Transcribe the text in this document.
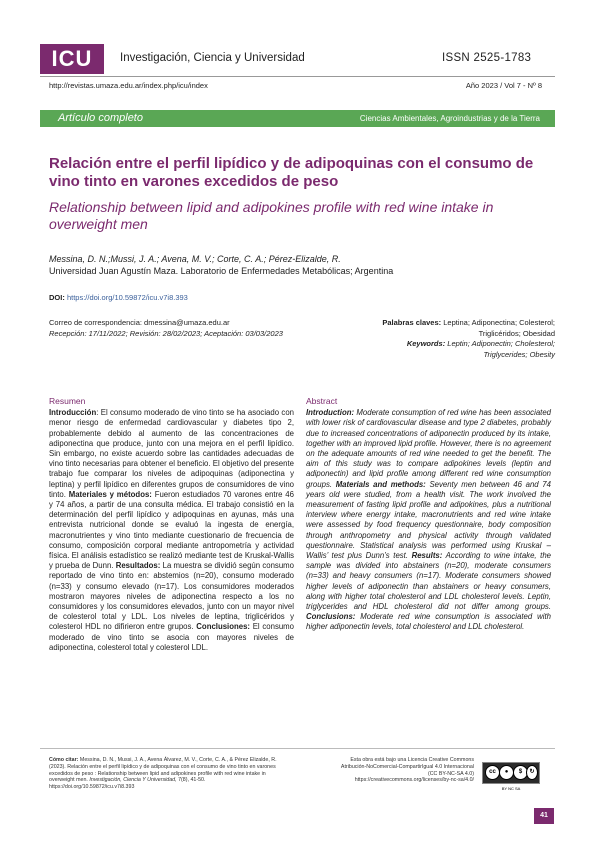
ICU	Investigación, Ciencia y Universidad	ISSN 2525-1783
http://revistas.umaza.edu.ar/index.php/icu/index	Año 2023 / Vol 7 - Nº 8
Artículo completo	Ciencias Ambientales, Agroindustrias y de la Tierra
Relación entre el perfil lipídico y de adipoquinas con el consumo de vino tinto en varones excedidos de peso
Relationship between lipid and adipokines profile with red wine intake in overweight men
Messina, D. N.;Mussi, J. A.; Avena, M. V.; Corte, C. A.; Pérez-Elizalde, R.
Universidad Juan Agustín Maza. Laboratorio de Enfermedades Metabólicas; Argentina
DOI: https://doi.org/10.59872/icu.v7i8.393
Correo de correspondencia: dmessina@umaza.edu.ar
Recepción: 17/11/2022; Revisión: 28/02/2023; Aceptación: 03/03/2023
Palabras claves: Leptina; Adiponectina; Colesterol;
Triglicéridos; Obesidad
Keywords: Leptin; Adiponectin; Cholesterol;
Triglycerides; Obesity
Resumen
Introducción: El consumo moderado de vino tinto se ha asociado con menor riesgo de enfermedad cardiovascular y diabetes tipo 2, probablemente debido al aumento de las concentraciones de adiponectina que produce, junto con una mejora en el perfil lipídico. Sin embargo, no existe acuerdo sobre las cantidades adecuadas de vino tinto necesarias para obtener el beneficio. El objetivo del presente trabajo fue comparar los niveles de adipoquinas (adiponectina y leptina) y perfil lipídico en diferentes grupos de consumidores de vino tinto. Materiales y métodos: Fueron estudiados 70 varones entre 46 y 74 años, a partir de una consulta médica. El trabajo consistió en la determinación del perfil lipídico y adipoquinas en ayunas, más una entrevista nutricional donde se evaluó la ingesta de energía, macronutrientes y vino tinto mediante cuestionario de frecuencia de consumo, composición corporal mediante antropometría y actividad física. El análisis estadístico se realizó mediante test de Kruskal-Wallis y prueba de Dunn. Resultados: La muestra se dividió según consumo reportado de vino tinto en: abstemios (n=20), consumo moderado (n=33) y consumo elevado (n=17). Los consumidores moderados mostraron mayores niveles de adiponectina respecto a los no consumidores y los consumidores elevados, junto con un mayor nivel de colesterol total y LDL. Los niveles de leptina, triglicéridos y colesterol HDL no difirieron entre grupos. Conclusiones: El consumo moderado de vino tinto se asocia con mayores niveles de adiponectina, colesterol total y colesterol LDL.
Abstract
Introduction: Moderate consumption of red wine has been associated with lower risk of cardiovascular disease and type 2 diabetes, probably due to increased concentrations of adiponectin produced by its intake, together with an improved lipid profile. However, there is no agreement on the adequate amounts of red wine needed to get the benefit. The aim of this study was to compare adipokines levels (leptin and adiponectin) and lipid profile among different red wine consumption groups. Materials and methods: Seventy men between 46 and 74 years old were studied, from a health visit. The work involved the measurement of fasting lipid profile and adipokines, plus a nutritional interview where energy intake, macronutrients and red wine intake were assessed by food frequency questionnaire, body composition through anthropometry and physical activity through validated questionnaire. Statistical analysis was performed using Kruskal – Wallis’ test plus Dunn’s test. Results: According to wine intake, the sample was divided into abstainers (n=20), moderate consumers (n=33) and heavy consumers (n=17). Moderate consumers showed higher levels of adiponectin than abstainers or heavy consumers, along with higher total cholesterol and LDL cholesterol levels. Leptin, triglycerides and HDL cholesterol did not differ among groups. Conclusions: Moderate red wine consumption is associated with higher adiponectin levels, total cholesterol and LDL cholesterol.
Cómo citar: Messina, D. N., Mussi, J. A., Avena Álvarez, M. V., Corte, C. A., & Pérez Elizalde, R. (2023). Relación entre el perfil lipídico y de adipoquinas con el consumo de vino tinto en varones excedidos de peso : Relationship between lipid and adipokines profile with red wine intake in overweight men. Investigación, Ciencia Y Universidad, 7(8), 41-50. https://doi.org/10.59872/icu.v7i8.393
Esta obra está bajo una Licencia Creative Commons
Atribución-NoComercial-CompartirIgual 4.0 Internacional
(CC BY-NC-SA 4.0)
https://creativecommons.org/licenses/by-nc-sa/4.0/
cc	●	$	↻
BY NC SA
41
